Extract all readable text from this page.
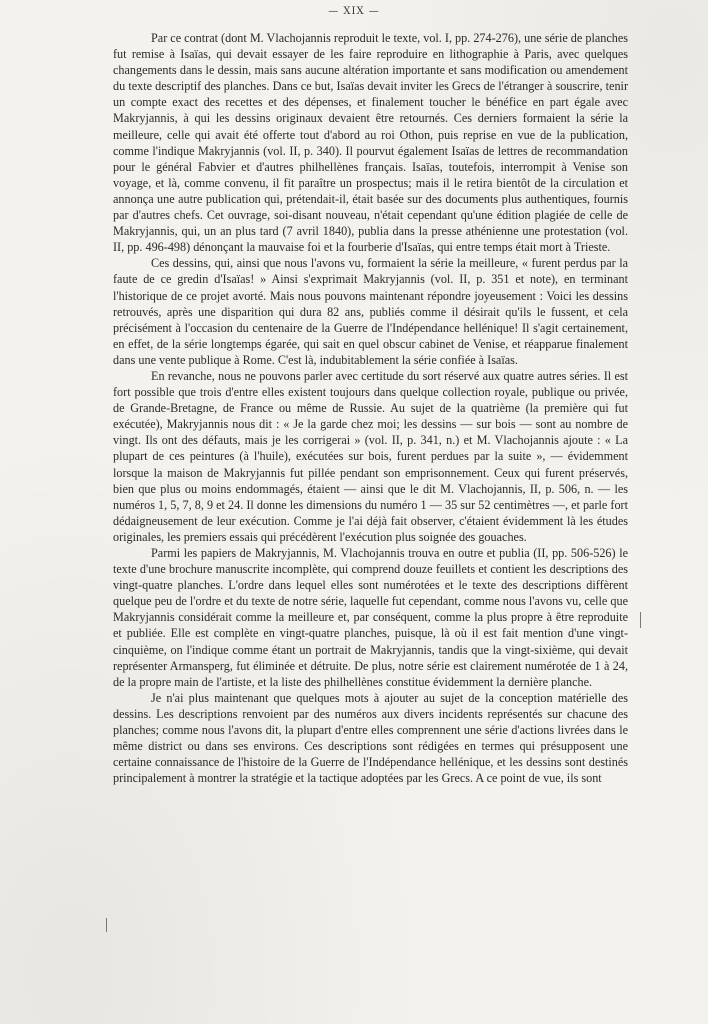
— XIX —

Par ce contrat (dont M. Vlachojannis reproduit le texte, vol. I, pp. 274-276), une série de planches fut remise à Isaïas, qui devait essayer de les faire reproduire en lithographie à Paris, avec quelques changements dans le dessin, mais sans aucune altération importante et sans modification ou amendement du texte descriptif des planches. Dans ce but, Isaïas devait inviter les Grecs de l'étranger à souscrire, tenir un compte exact des recettes et des dépenses, et finalement toucher le bénéfice en part égale avec Makryjannis, à qui les dessins originaux devaient être retournés. Ces derniers formaient la série la meilleure, celle qui avait été offerte tout d'abord au roi Othon, puis reprise en vue de la publication, comme l'indique Makryjannis (vol. II, p. 340). Il pourvut également Isaïas de lettres de recommandation pour le général Fabvier et d'autres philhellènes français. Isaïas, toutefois, interrompit à Venise son voyage, et là, comme convenu, il fit paraître un prospectus; mais il le retira bientôt de la circulation et annonça une autre publication qui, prétendait-il, était basée sur des documents plus authentiques, fournis par d'autres chefs. Cet ouvrage, soi-disant nouveau, n'était cependant qu'une édition plagiée de celle de Makryjannis, qui, un an plus tard (7 avril 1840), publia dans la presse athénienne une protestation (vol. II, pp. 496-498) dénonçant la mauvaise foi et la fourberie d'Isaïas, qui entre temps était mort à Trieste.

Ces dessins, qui, ainsi que nous l'avons vu, formaient la série la meilleure, « furent perdus par la faute de ce gredin d'Isaïas! » Ainsi s'exprimait Makryjannis (vol. II, p. 351 et note), en terminant l'historique de ce projet avorté. Mais nous pouvons maintenant répondre joyeusement : Voici les dessins retrouvés, après une disparition qui dura 82 ans, publiés comme il désirait qu'ils le fussent, et cela précisément à l'occasion du centenaire de la Guerre de l'Indépendance hellénique! Il s'agit certainement, en effet, de la série longtemps égarée, qui sait en quel obscur cabinet de Venise, et réapparue finalement dans une vente publique à Rome. C'est là, indubitablement la série confiée à Isaïas.

En revanche, nous ne pouvons parler avec certitude du sort réservé aux quatre autres séries. Il est fort possible que trois d'entre elles existent toujours dans quelque collection royale, publique ou privée, de Grande-Bretagne, de France ou même de Russie. Au sujet de la quatrième (la première qui fut exécutée), Makryjannis nous dit : « Je la garde chez moi; les dessins — sur bois — sont au nombre de vingt. Ils ont des défauts, mais je les corrigerai » (vol. II, p. 341, n.) et M. Vlachojannis ajoute : « La plupart de ces peintures (à l'huile), exécutées sur bois, furent perdues par la suite », — évidemment lorsque la maison de Makryjannis fut pillée pendant son emprisonnement. Ceux qui furent préservés, bien que plus ou moins endommagés, étaient — ainsi que le dit M. Vlachojannis, II, p. 506, n. — les numéros 1, 5, 7, 8, 9 et 24. Il donne les dimensions du numéro 1 — 35 sur 52 centimètres —, et parle fort dédaigneusement de leur exécution. Comme je l'ai déjà fait observer, c'étaient évidemment là les études originales, les premiers essais qui précédèrent l'exécution plus soignée des gouaches.

Parmi les papiers de Makryjannis, M. Vlachojannis trouva en outre et publia (II, pp. 506-526) le texte d'une brochure manuscrite incomplète, qui comprend douze feuillets et contient les descriptions des vingt-quatre planches. L'ordre dans lequel elles sont numérotées et le texte des descriptions diffèrent quelque peu de l'ordre et du texte de notre série, laquelle fut cependant, comme nous l'avons vu, celle que Makryjannis considérait comme la meilleure et, par conséquent, comme la plus propre à être reproduite et publiée. Elle est complète en vingt-quatre planches, puisque, là où il est fait mention d'une vingt-cinquième, on l'indique comme étant un portrait de Makryjannis, tandis que la vingt-sixième, qui devait représenter Armansperg, fut éliminée et détruite. De plus, notre série est clairement numérotée de 1 à 24, de la propre main de l'artiste, et la liste des philhellènes constitue évidemment la dernière planche.

Je n'ai plus maintenant que quelques mots à ajouter au sujet de la conception matérielle des dessins. Les descriptions renvoient par des numéros aux divers incidents représentés sur chacune des planches; comme nous l'avons dit, la plupart d'entre elles comprennent une série d'actions livrées dans le même district ou dans ses environs. Ces descriptions sont rédigées en termes qui présupposent une certaine connaissance de l'histoire de la Guerre de l'Indépendance hellénique, et les dessins sont destinés principalement à montrer la stratégie et la tactique adoptées par les Grecs. A ce point de vue, ils sont
